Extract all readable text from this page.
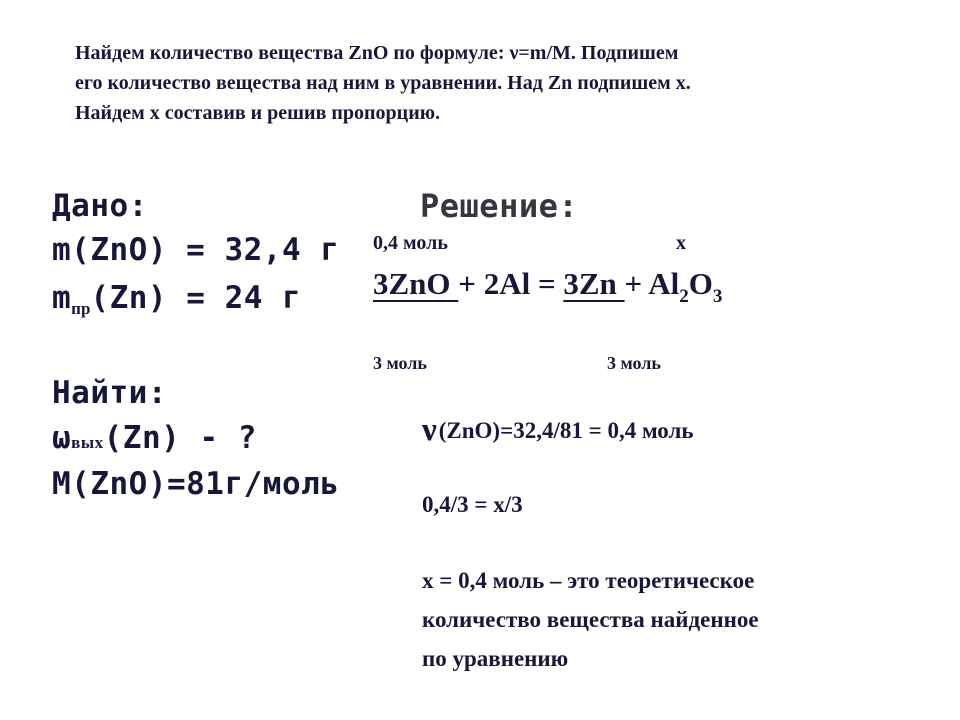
Найдем количество вещества ZnO по формуле: ν=m/M. Подпишем
его количество вещества над ним в уравнении. Над Zn подпишем х.
Найдем х составив и решив пропорцию.
Дано:
m(ZnO) = 32,4 г
$m_{пр}(Zn) = 24$ г
Найти:
ωвых(Zn) - ?
M(ZnO)=81г/моль
Решение:
0,4 моль	х
$3ZnO + 2Al = 3Zn + Al_2O_3$
3 моль	3 моль
ν(ZnO)=32,4/81 = 0,4 моль
0,4/3 = х/3
х = 0,4 моль – это теоретическое
количество вещества найденное
по уравнению
